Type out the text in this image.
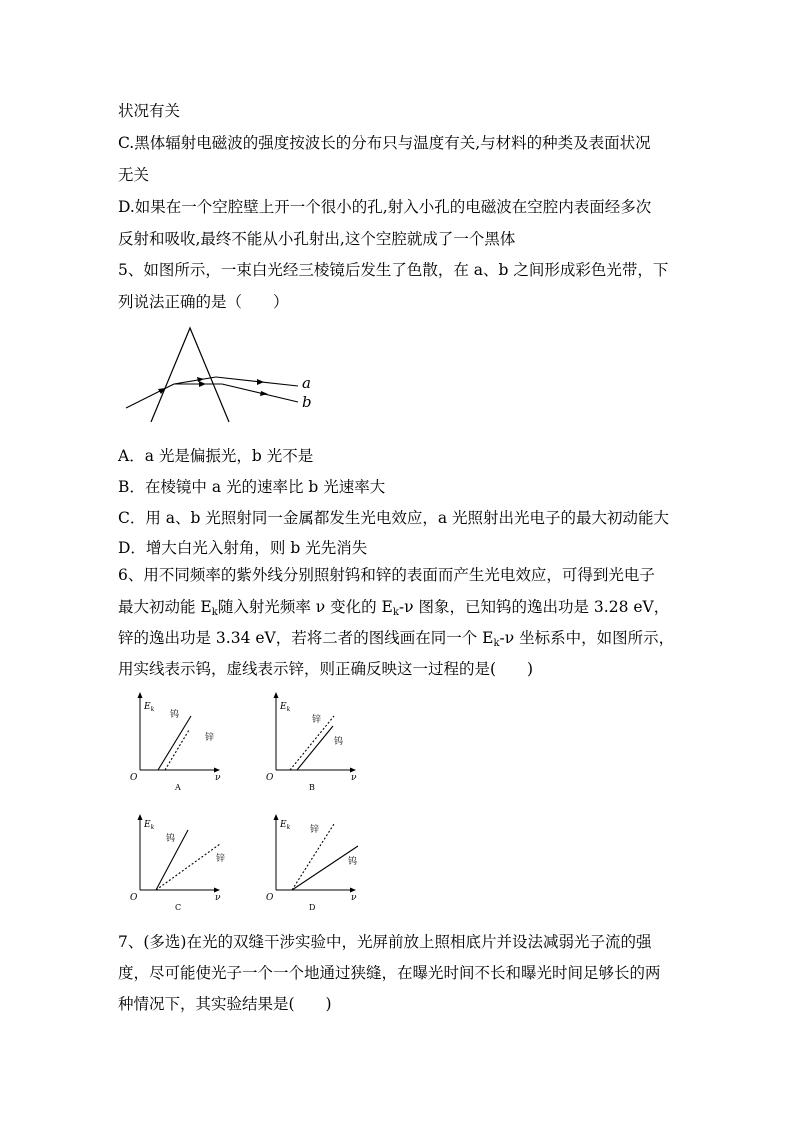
状况有关
C.黑体辐射电磁波的强度按波长的分布只与温度有关,与材料的种类及表面状况
无关
D.如果在一个空腔壁上开一个很小的孔,射入小孔的电磁波在空腔内表面经多次
反射和吸收,最终不能从小孔射出,这个空腔就成了一个黑体
5、如图所示，一束白光经三棱镜后发生了色散，在 a、b 之间形成彩色光带，下
列说法正确的是（　　）
a
b
A．a 光是偏振光，b 光不是
B．在棱镜中 a 光的速率比 b 光速率大
C．用 a、b 光照射同一金属都发生光电效应，a 光照射出光电子的最大初动能大
D．增大白光入射角，则 b 光先消失
6、用不同频率的紫外线分别照射钨和锌的表面而产生光电效应，可得到光电子
最大初动能 $E_k$随入射光频率 ν 变化的 $E_k-\nu$ 图象，已知钨的逸出功是 3.28 eV，
锌的逸出功是 3.34 eV，若将二者的图线画在同一个 $E_k-\nu$ 坐标系中，如图所示，
用实线表示钨，虚线表示锌，则正确反映这一过程的是(　　)
$E_k$
ν
O
钨
锌
A
$E_k$
ν
O
锌
钨
B
$E_k$
ν
O
钨
锌
C
$E_k$
ν
O
锌
钨
D
7、(多选)在光的双缝干涉实验中，光屏前放上照相底片并设法减弱光子流的强
度，尽可能使光子一个一个地通过狭缝，在曝光时间不长和曝光时间足够长的两
种情况下，其实验结果是(　　)
